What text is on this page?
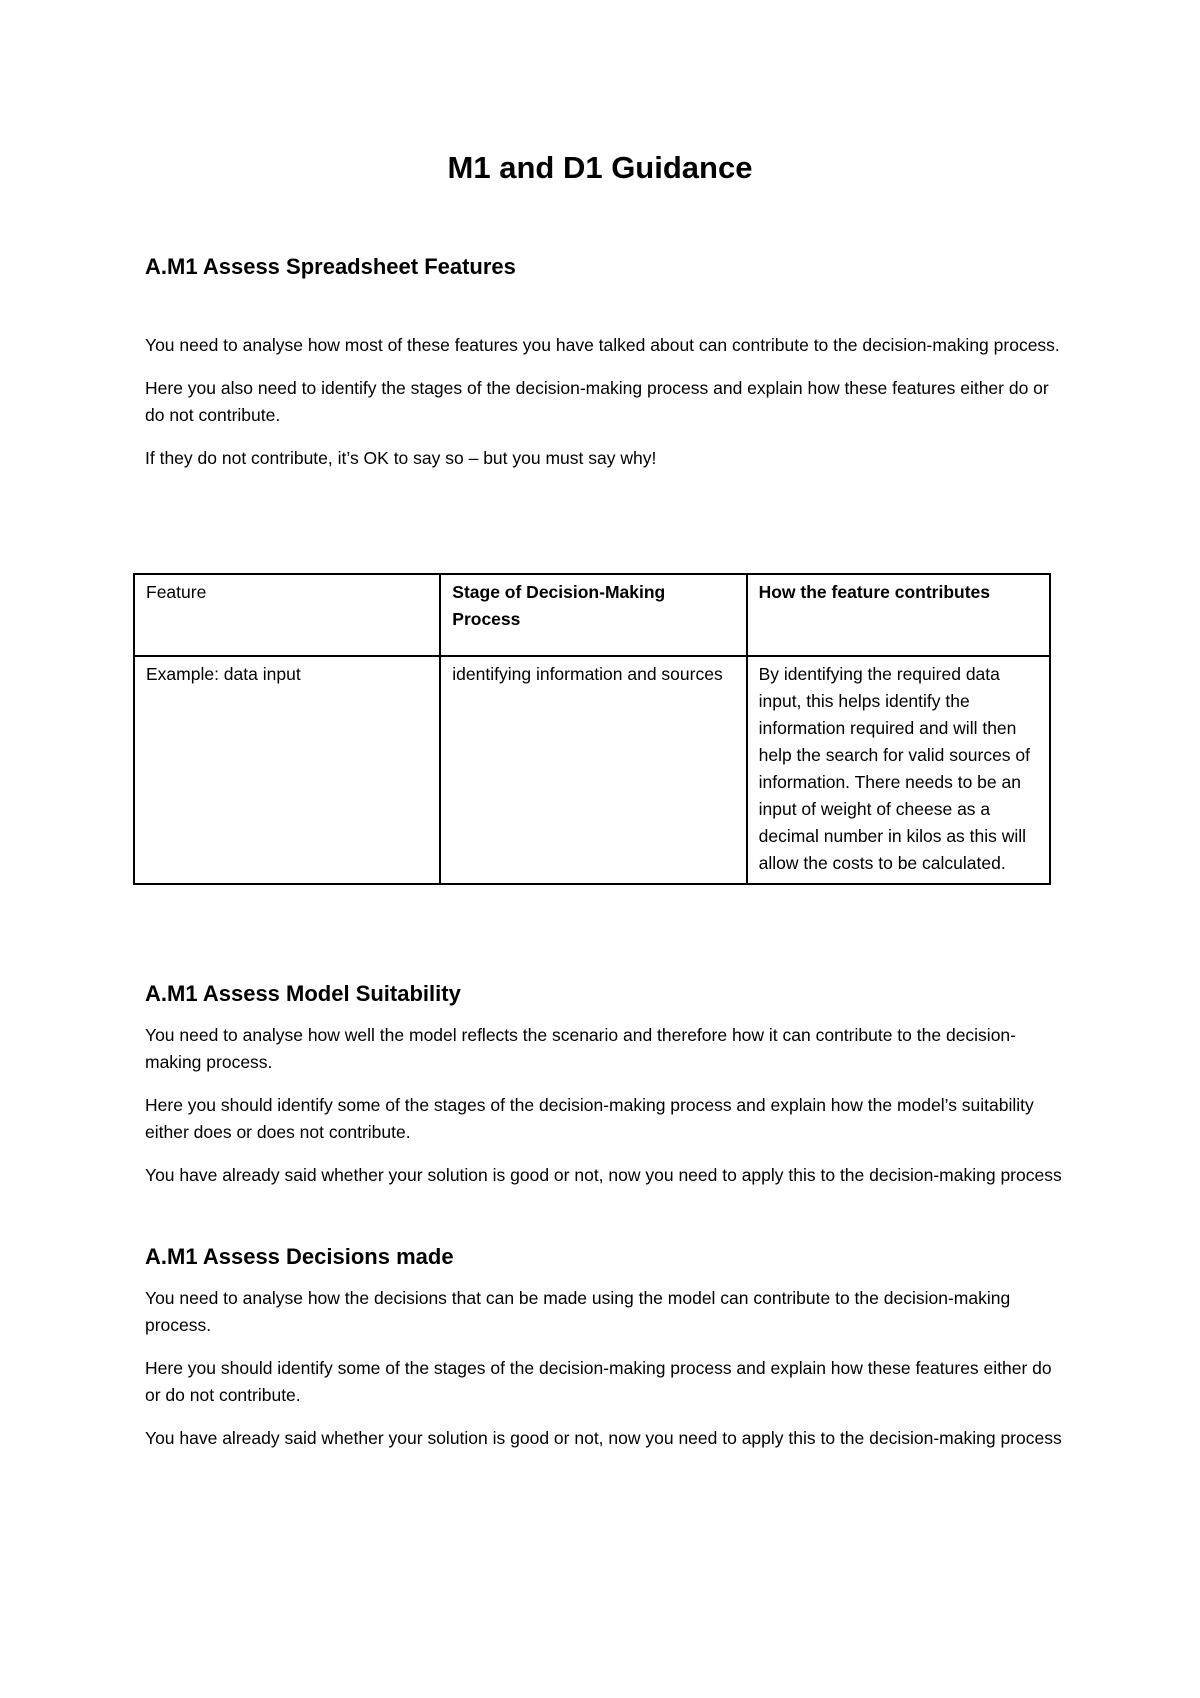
M1 and D1 Guidance
A.M1 Assess Spreadsheet Features

You need to analyse how most of these features you have talked about can contribute to the decision-making process.

Here you also need to identify the stages of the decision-making process and explain how these features either do or do not contribute.

If they do not contribute, it’s OK to say so – but you must say why!

Feature	Stage of Decision-Making Process	How the feature contributes
Example: data input	identifying information and sources	By identifying the required data input, this helps identify the information required and will then help the search for valid sources of information. There needs to be an input of weight of cheese as a decimal number in kilos as this will allow the costs to be calculated.
A.M1 Assess Model Suitability

You need to analyse how well the model reflects the scenario and therefore how it can contribute to the decision-making process.

Here you should identify some of the stages of the decision-making process and explain how the model’s suitability either does or does not contribute.

You have already said whether your solution is good or not, now you need to apply this to the decision-making process

A.M1 Assess Decisions made

You need to analyse how the decisions that can be made using the model can contribute to the decision-making process.

Here you should identify some of the stages of the decision-making process and explain how these features either do or do not contribute.

You have already said whether your solution is good or not, now you need to apply this to the decision-making process
